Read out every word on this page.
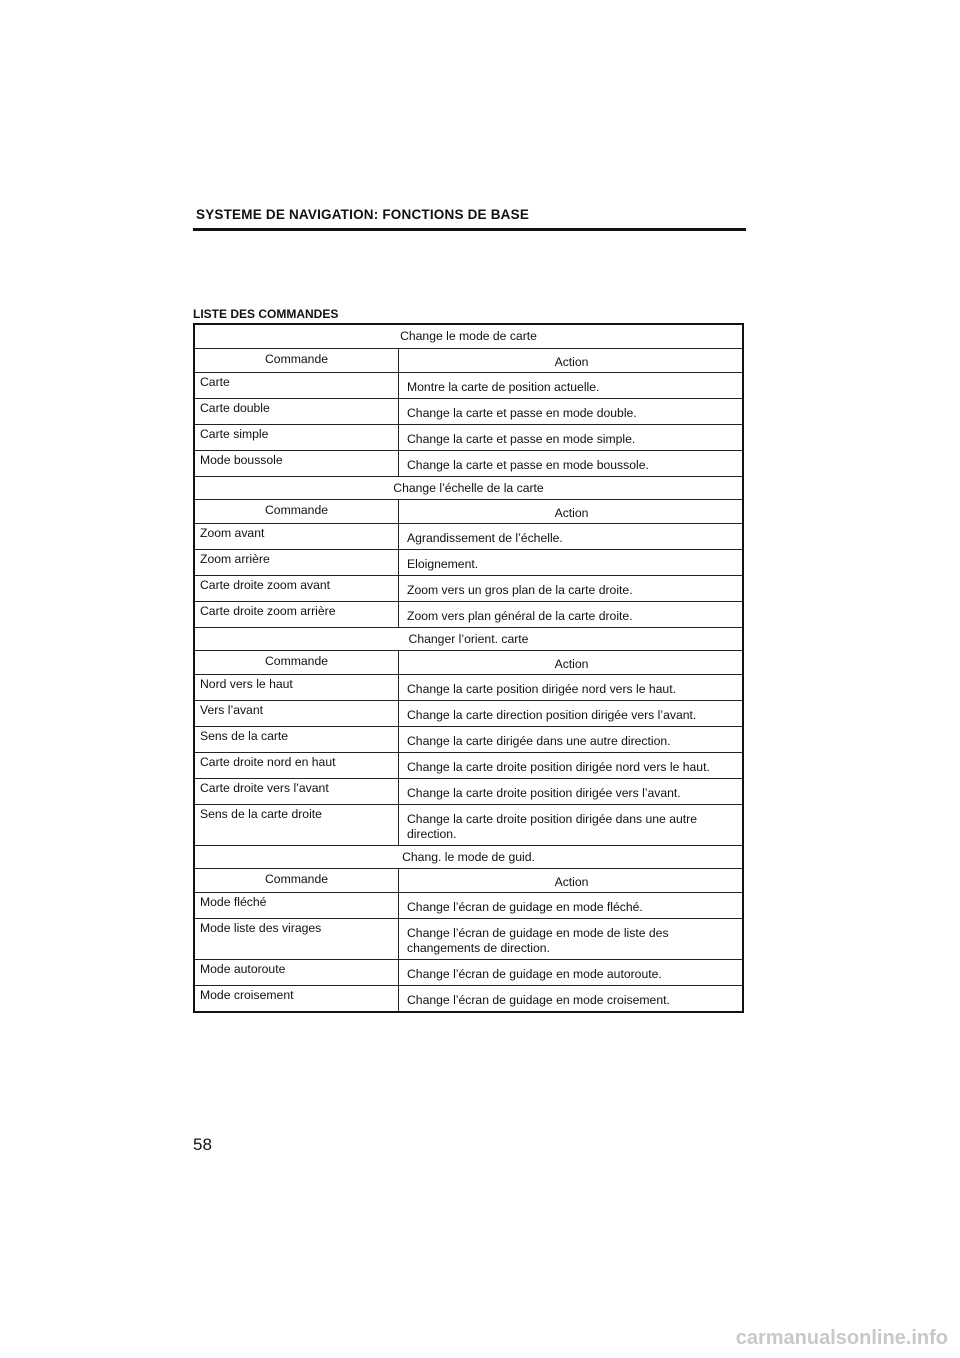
SYSTEME DE NAVIGATION: FONCTIONS DE BASE
LISTE DES COMMANDES
Change le mode de carte
Commande	Action
Carte	Montre la carte de position actuelle.
Carte double	Change la carte et passe en mode double.
Carte simple	Change la carte et passe en mode simple.
Mode boussole	Change la carte et passe en mode boussole.
Change l’échelle de la carte
Commande	Action
Zoom avant	Agrandissement de l’échelle.
Zoom arrière	Eloignement.
Carte droite zoom avant	Zoom vers un gros plan de la carte droite.
Carte droite zoom arrière	Zoom vers plan général de la carte droite.
Changer l’orient. carte
Commande	Action
Nord vers le haut	Change la carte position dirigée nord vers le haut.
Vers l’avant	Change la carte direction position dirigée vers l’avant.
Sens de la carte	Change la carte dirigée dans une autre direction.
Carte droite nord en haut	Change la carte droite position dirigée nord vers le haut.
Carte droite vers l’avant	Change la carte droite position dirigée vers l’avant.
Sens de la carte droite	Change la carte droite position dirigée dans une autre direction.
Chang. le mode de guid.
Commande	Action
Mode fléché	Change l’écran de guidage en mode fléché.
Mode liste des virages	Change l’écran de guidage en mode de liste des changements de direction.
Mode autoroute	Change l’écran de guidage en mode autoroute.
Mode croisement	Change l’écran de guidage en mode croisement.
58
carmanualsonline.info
